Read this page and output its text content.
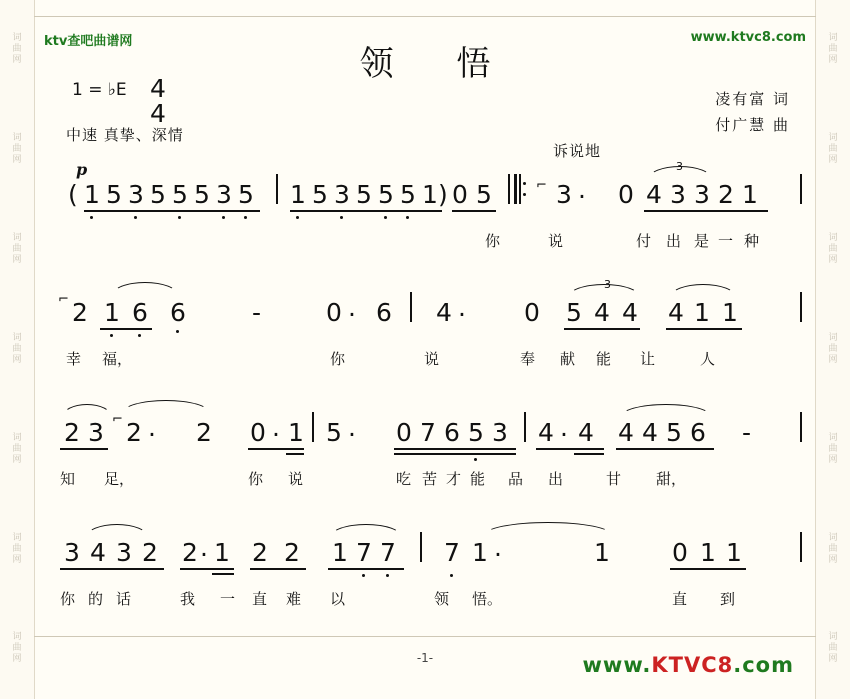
词
曲
网
词
曲
网
词
曲
网
词
曲
网
词
曲
网
词
曲
网
词
曲
网
词
曲
网
词
曲
网
词
曲
网
词
曲
网
词
曲
网
词
曲
网
词
曲
网
ktv查吧曲谱网	www.ktvc8.com
领 悟
1 = ♭E 4
4
中速 真挚、深情
凌有富 词
付广慧 曲
诉说地
p
⌐
3
( 1 5 3 5 5 5 3 5 1 5 3 5 5 5 1 ) 0 5	3 · 0 4 3 3 2 1
你	说	付 出 是 一 种
⌐
3
2 1 6 6	-	0 · 6 4 · 0 5 4 4 4 1 1
幸 福，	你	说	奉 献 能 让	人
⌐
2 3 2 · 2 0 · 1 5 · 0 7 6 5 3 4 · 4 4 4 5 6 -
知 足，	你 说	吃 苦 才 能 品 出	甘 甜，
3 4 3 2 2 · 1 2 2 1 7 7 7 1 ·	1 0 1 1
你 的 话	我 一 直 难 以	领 悟。	直 到
-1-	www.KTVC8.com
